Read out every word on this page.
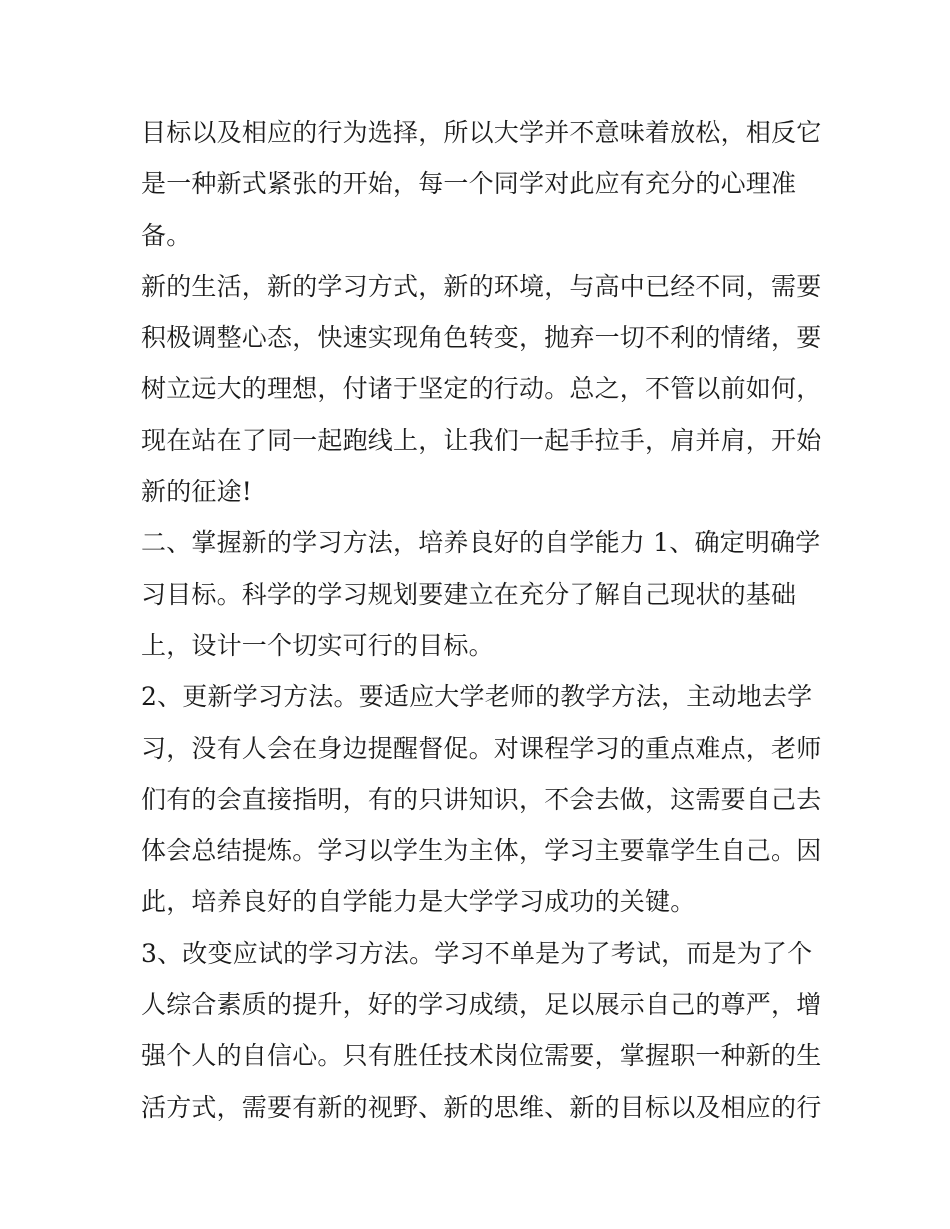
目标以及相应的行为选择，所以大学并不意味着放松，相反它
是一种新式紧张的开始，每一个同学对此应有充分的心理准
备。

新的生活，新的学习方式，新的环境，与高中已经不同，需要
积极调整心态，快速实现角色转变，抛弃一切不利的情绪，要
树立远大的理想，付诸于坚定的行动。总之，不管以前如何，
现在站在了同一起跑线上，让我们一起手拉手，肩并肩，开始
新的征途!

二、掌握新的学习方法，培养良好的自学能力 1、确定明确学
习目标。科学的学习规划要建立在充分了解自己现状的基础
上，设计一个切实可行的目标。

2、更新学习方法。要适应大学老师的教学方法，主动地去学
习，没有人会在身边提醒督促。对课程学习的重点难点，老师
们有的会直接指明，有的只讲知识，不会去做，这需要自己去
体会总结提炼。学习以学生为主体，学习主要靠学生自己。因
此，培养良好的自学能力是大学学习成功的关键。

3、改变应试的学习方法。学习不单是为了考试，而是为了个
人综合素质的提升，好的学习成绩，足以展示自己的尊严，增
强个人的自信心。只有胜任技术岗位需要，掌握职一种新的生
活方式，需要有新的视野、新的思维、新的目标以及相应的行
